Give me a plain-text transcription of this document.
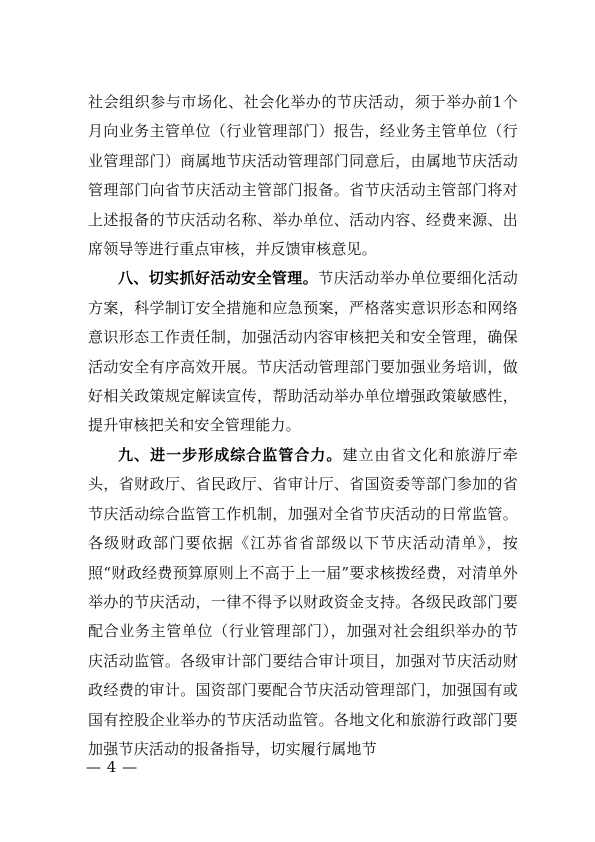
社会组织参与市场化、社会化举办的节庆活动，须于举办前1个月向业务主管单位（行业管理部门）报告，经业务主管单位（行业管理部门）商属地节庆活动管理部门同意后，由属地节庆活动管理部门向省节庆活动主管部门报备。省节庆活动主管部门将对上述报备的节庆活动名称、举办单位、活动内容、经费来源、出席领导等进行重点审核，并反馈审核意见。

八、切实抓好活动安全管理。节庆活动举办单位要细化活动方案，科学制订安全措施和应急预案，严格落实意识形态和网络意识形态工作责任制，加强活动内容审核把关和安全管理，确保活动安全有序高效开展。节庆活动管理部门要加强业务培训，做好相关政策规定解读宣传，帮助活动举办单位增强政策敏感性，提升审核把关和安全管理能力。

九、进一步形成综合监管合力。建立由省文化和旅游厅牵头，省财政厅、省民政厅、省审计厅、省国资委等部门参加的省节庆活动综合监管工作机制，加强对全省节庆活动的日常监管。各级财政部门要依据《江苏省省部级以下节庆活动清单》，按照“财政经费预算原则上不高于上一届”要求核拨经费，对清单外举办的节庆活动，一律不得予以财政资金支持。各级民政部门要配合业务主管单位（行业管理部门），加强对社会组织举办的节庆活动监管。各级审计部门要结合审计项目，加强对节庆活动财政经费的审计。国资部门要配合节庆活动管理部门，加强国有或国有控股企业举办的节庆活动监管。各地文化和旅游行政部门要加强节庆活动的报备指导，切实履行属地节

— 4 —
